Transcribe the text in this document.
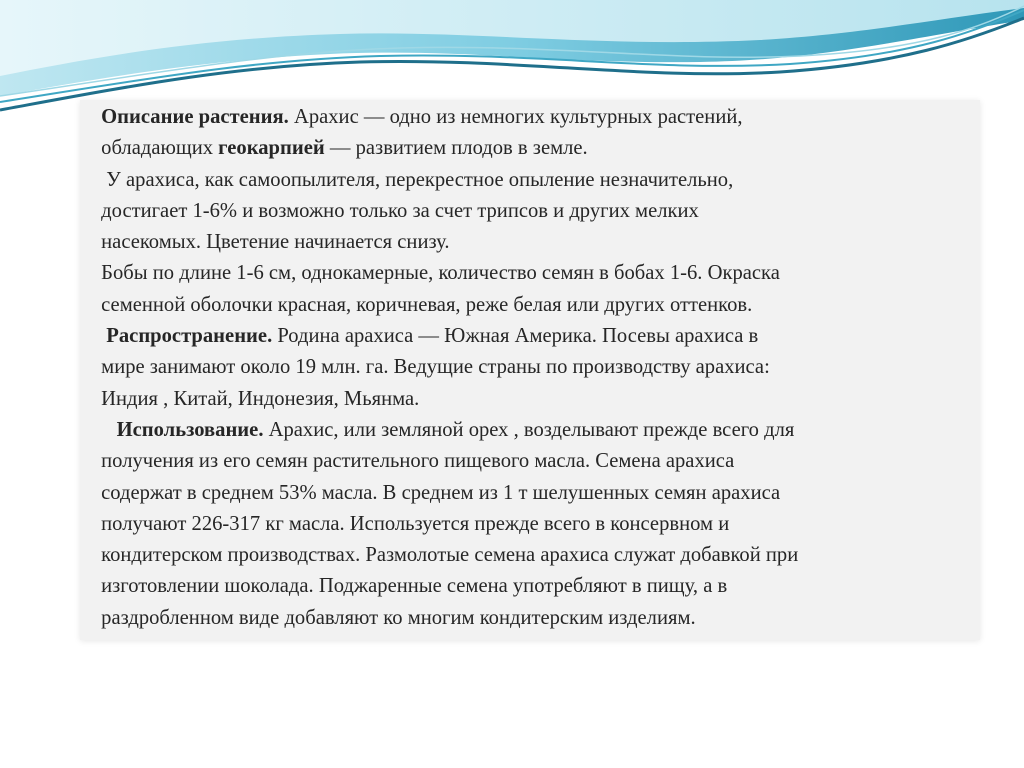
Описание растения. Арахис — одно из немногих культурных растений,

обладающих геокарпией — развитием плодов в земле.

У арахиса, как самоопылителя, перекрестное опыление незначительно,

достигает 1-6% и возможно только за счет трипсов и других мелких

насекомых. Цветение начинается снизу.

Бобы по длине 1-6 см, однокамерные, количество семян в бобах 1-6. Окраска

семенной оболочки красная, коричневая, реже белая или других оттенков.

Распространение. Родина арахиса — Южная Америка. Посевы арахиса в

мире занимают около 19 млн. га. Ведущие страны по производству арахиса:

Индия , Китай, Индонезия, Мьянма.

Использование. Арахис, или земляной орех , возделывают прежде всего для

получения из его семян растительного пищевого масла. Семена арахиса

содержат в среднем 53% масла. В среднем из 1 т шелушенных семян арахиса

получают 226-317 кг масла. Используется прежде всего в консервном и

кондитерском производствах. Размолотые семена арахиса служат добавкой при

изготовлении шоколада. Поджаренные семена употребляют в пищу, а в

раздробленном виде добавляют ко многим кондитерским изделиям.
